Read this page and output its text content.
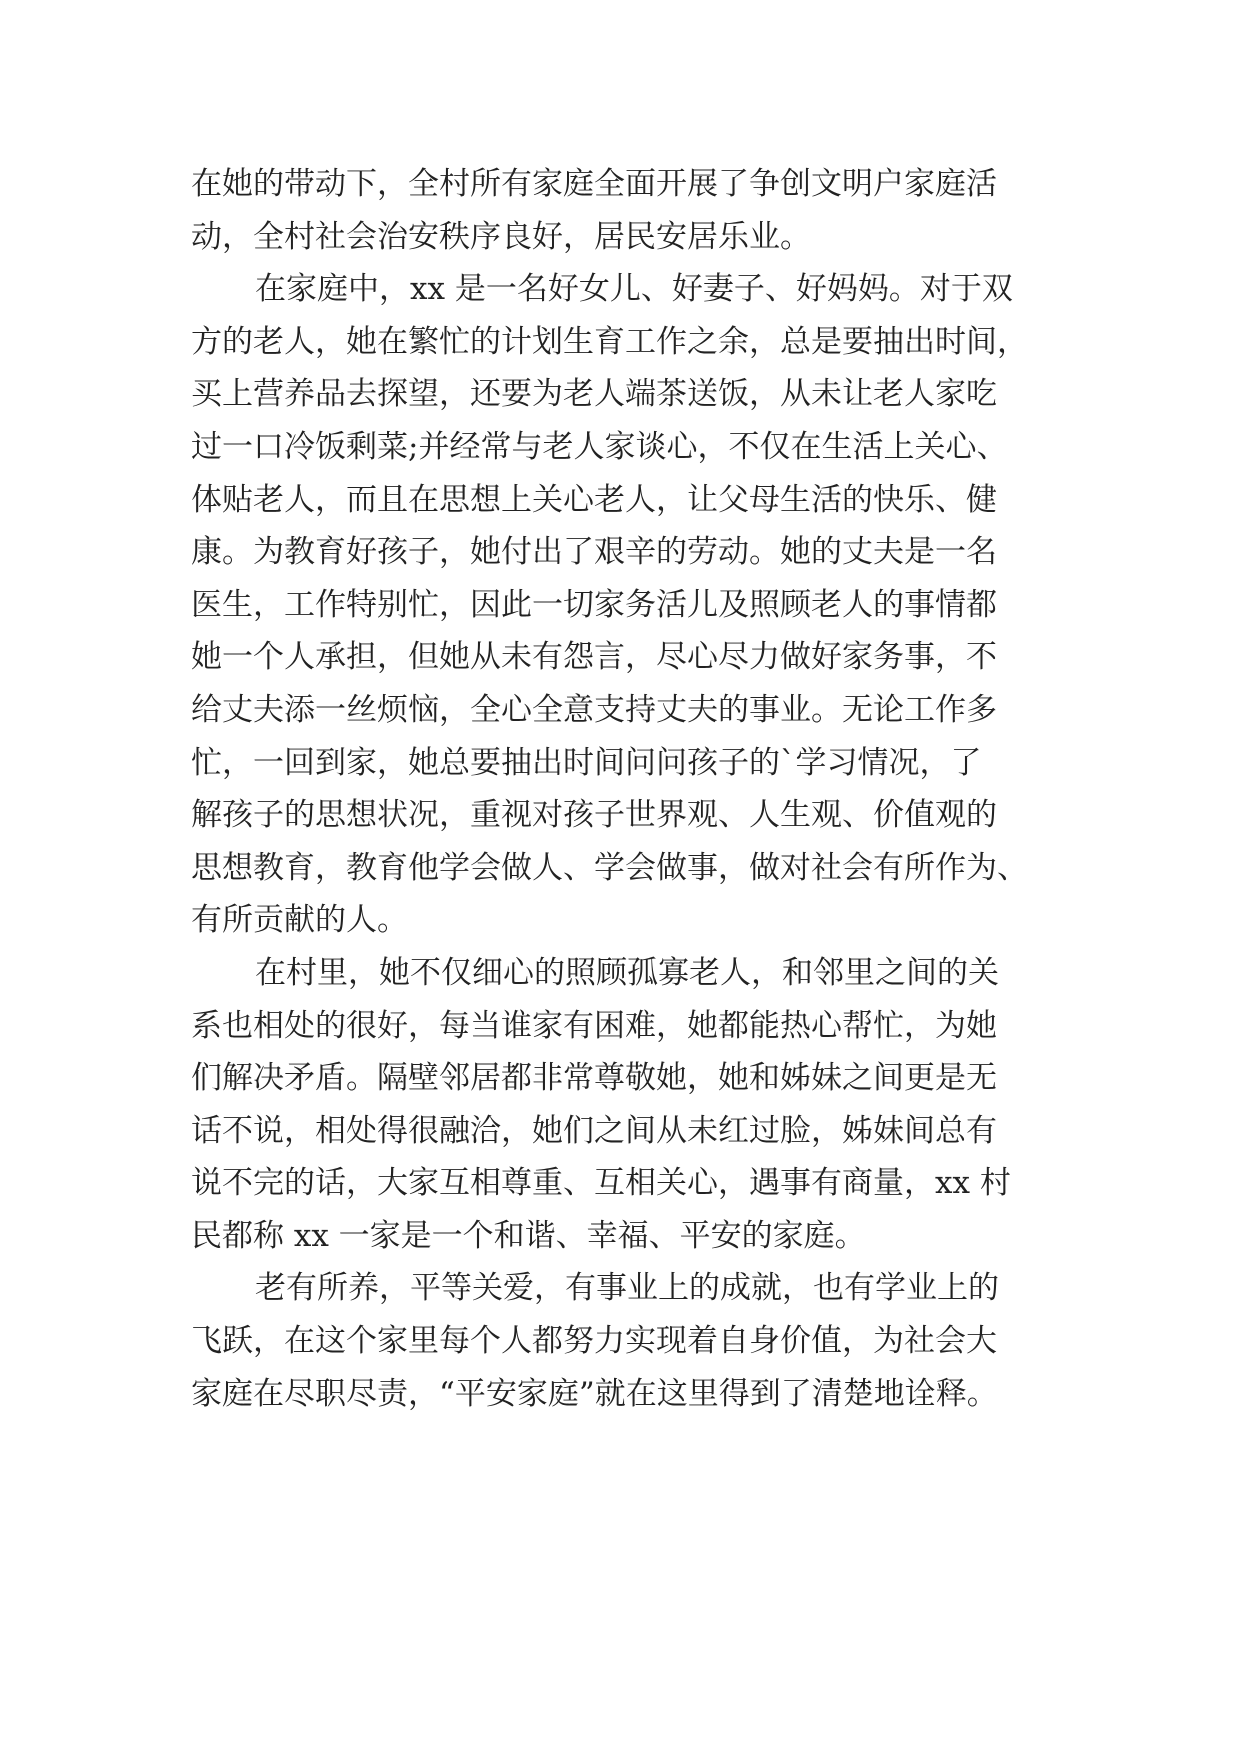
在她的带动下，全村所有家庭全面开展了争创文明户家庭活
动，全村社会治安秩序良好，居民安居乐业。
在家庭中，xx 是一名好女儿、好妻子、好妈妈。对于双
方的老人，她在繁忙的计划生育工作之余，总是要抽出时间，
买上营养品去探望，还要为老人端茶送饭，从未让老人家吃
过一口冷饭剩菜;并经常与老人家谈心，不仅在生活上关心、
体贴老人，而且在思想上关心老人，让父母生活的快乐、健
康。为教育好孩子，她付出了艰辛的劳动。她的丈夫是一名
医生，工作特别忙，因此一切家务活儿及照顾老人的事情都
她一个人承担，但她从未有怨言，尽心尽力做好家务事，不
给丈夫添一丝烦恼，全心全意支持丈夫的事业。无论工作多
忙，一回到家，她总要抽出时间问问孩子的`学习情况，了
解孩子的思想状况，重视对孩子世界观、人生观、价值观的
思想教育，教育他学会做人、学会做事，做对社会有所作为、
有所贡献的人。
在村里，她不仅细心的照顾孤寡老人，和邻里之间的关
系也相处的很好，每当谁家有困难，她都能热心帮忙，为她
们解决矛盾。隔壁邻居都非常尊敬她，她和姊妹之间更是无
话不说，相处得很融洽，她们之间从未红过脸，姊妹间总有
说不完的话，大家互相尊重、互相关心，遇事有商量，xx 村
民都称 xx 一家是一个和谐、幸福、平安的家庭。
老有所养，平等关爱，有事业上的成就，也有学业上的
飞跃，在这个家里每个人都努力实现着自身价值，为社会大
家庭在尽职尽责，“平安家庭”就在这里得到了清楚地诠释。
